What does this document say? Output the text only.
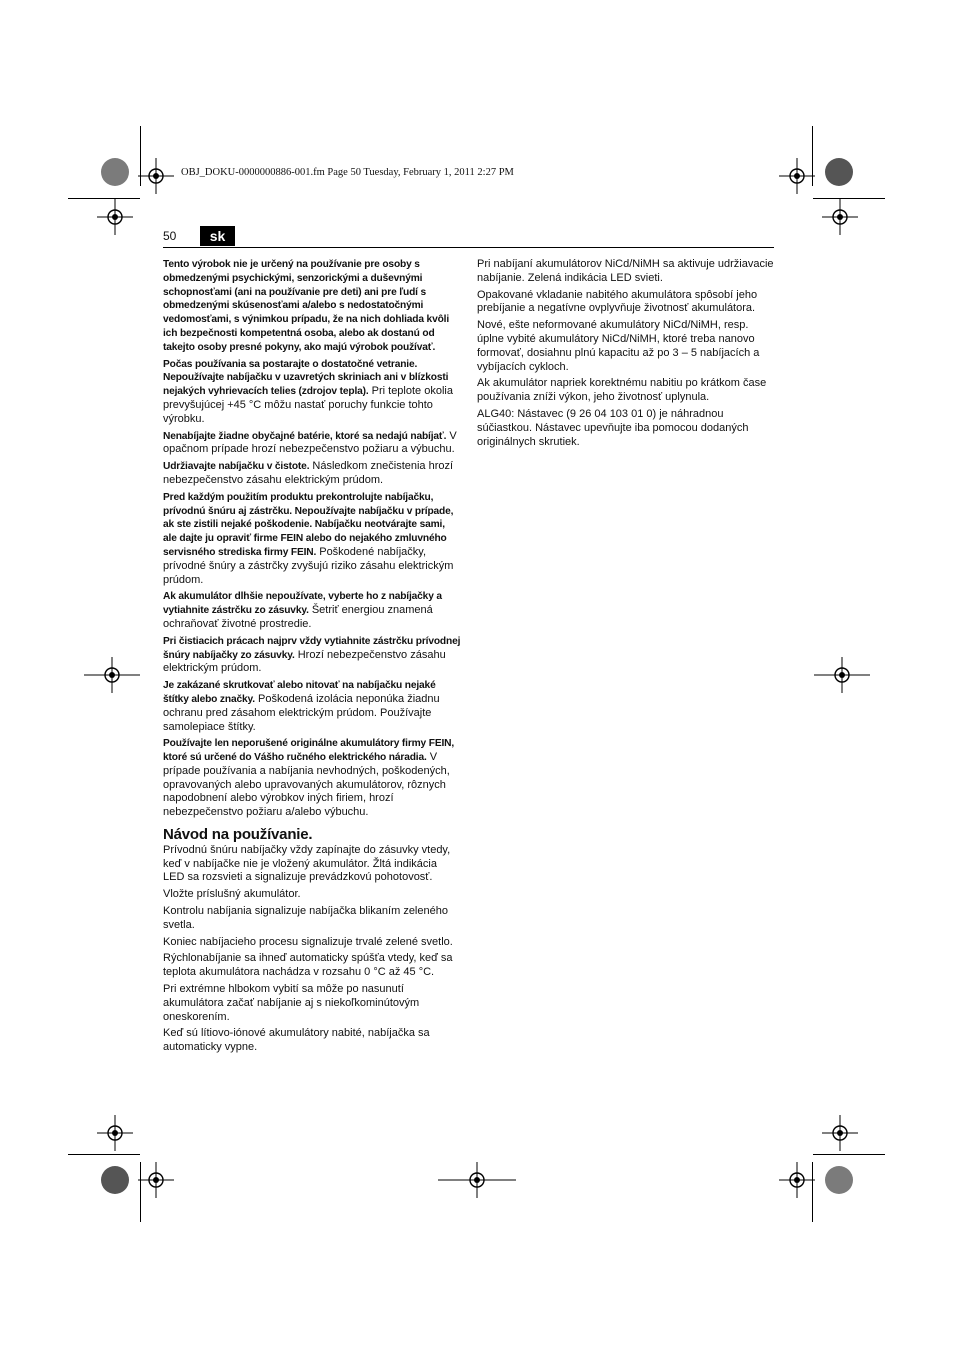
OBJ_DOKU-0000000886-001.fm Page 50 Tuesday, February 1, 2011 2:27 PM
50	sk

Tento výrobok nie je určený na používanie pre osoby s obmedzenými psychickými, senzorickými a duševnými schopnosťami (ani na používanie pre deti) ani pre ľudí s obmedzenými skúsenosťami a/alebo s nedostatočnými vedomosťami, s výnimkou prípadu, že na nich dohliada kvôli ich bezpečnosti kompetentná osoba, alebo ak dostanú od takejto osoby presné pokyny, ako majú výrobok používať.

Počas používania sa postarajte o dostatočné vetranie. Nepoužívajte nabíjačku v uzavretých skriniach ani v blízkosti nejakých vyhrievacích telies (zdrojov tepla). Pri teplote okolia prevyšujúcej +45 °C môžu nastať poruchy funkcie tohto výrobku.

Nenabíjajte žiadne obyčajné batérie, ktoré sa nedajú nabíjať. V opačnom prípade hrozí nebezpečenstvo požiaru a výbuchu.

Udržiavajte nabíjačku v čistote. Následkom znečistenia hrozí nebezpečenstvo zásahu elektrickým prúdom.

Pred každým použitím produktu prekontrolujte nabíjačku, prívodnú šnúru aj zástrčku. Nepoužívajte nabíjačku v prípade, ak ste zistili nejaké poškodenie. Nabíjačku neotvárajte sami, ale dajte ju opraviť firme FEIN alebo do nejakého zmluvného servisného strediska firmy FEIN. Poškodené nabíjačky, prívodné šnúry a zástrčky zvyšujú riziko zásahu elektrickým prúdom.

Ak akumulátor dlhšie nepoužívate, vyberte ho z nabíjačky a vytiahnite zástrčku zo zásuvky. Šetriť energiou znamená ochraňovať životné prostredie.

Pri čistiacich prácach najprv vždy vytiahnite zástrčku prívodnej šnúry nabíjačky zo zásuvky. Hrozí nebezpečenstvo zásahu elektrickým prúdom.

Je zakázané skrutkovať alebo nitovať na nabíjačku nejaké štítky alebo značky. Poškodená izolácia neponúka žiadnu ochranu pred zásahom elektrickým prúdom. Používajte samolepiace štítky.

Používajte len neporušené originálne akumulátory firmy FEIN, ktoré sú určené do Vášho ručného elektrického náradia. V prípade používania a nabíjania nevhodných, poškodených, opravovaných alebo upravovaných akumulátorov, rôznych napodobnení alebo výrobkov iných firiem, hrozí nebezpečenstvo požiaru a/alebo výbuchu.

Návod na používanie.

Prívodnú šnúru nabíjačky vždy zapínajte do zásuvky vtedy, keď v nabíjačke nie je vložený akumulátor. Žltá indikácia LED sa rozsvieti a signalizuje prevádzkovú pohotovosť.

Vložte príslušný akumulátor.

Kontrolu nabíjania signalizuje nabíjačka blikaním zeleného svetla.

Koniec nabíjacieho procesu signalizuje trvalé zelené svetlo.

Rýchlonabíjanie sa ihneď automaticky spúšťa vtedy, keď sa teplota akumulátora nachádza v rozsahu 0 °C až 45 °C.

Pri extrémne hlbokom vybití sa môže po nasunutí akumulátora začať nabíjanie aj s niekoľkominútovým oneskorením.

Keď sú lítiovo-iónové akumulátory nabité, nabíjačka sa automaticky vypne.

Pri nabíjaní akumulátorov NiCd/NiMH sa aktivuje udržiavacie nabíjanie. Zelená indikácia LED svieti.

Opakované vkladanie nabitého akumulátora spôsobí jeho prebíjanie a negatívne ovplyvňuje životnosť akumulátora.

Nové, ešte neformované akumulátory NiCd/NiMH, resp. úplne vybité akumulátory NiCd/NiMH, ktoré treba nanovo formovať, dosiahnu plnú kapacitu až po 3 – 5 nabíjacích a vybíjacích cykloch.

Ak akumulátor napriek korektnému nabitiu po krátkom čase používania zníži výkon, jeho životnosť uplynula.

ALG40: Nástavec (9 26 04 103 01 0) je náhradnou súčiastkou. Nástavec upevňujte iba pomocou dodaných originálnych skrutiek.
